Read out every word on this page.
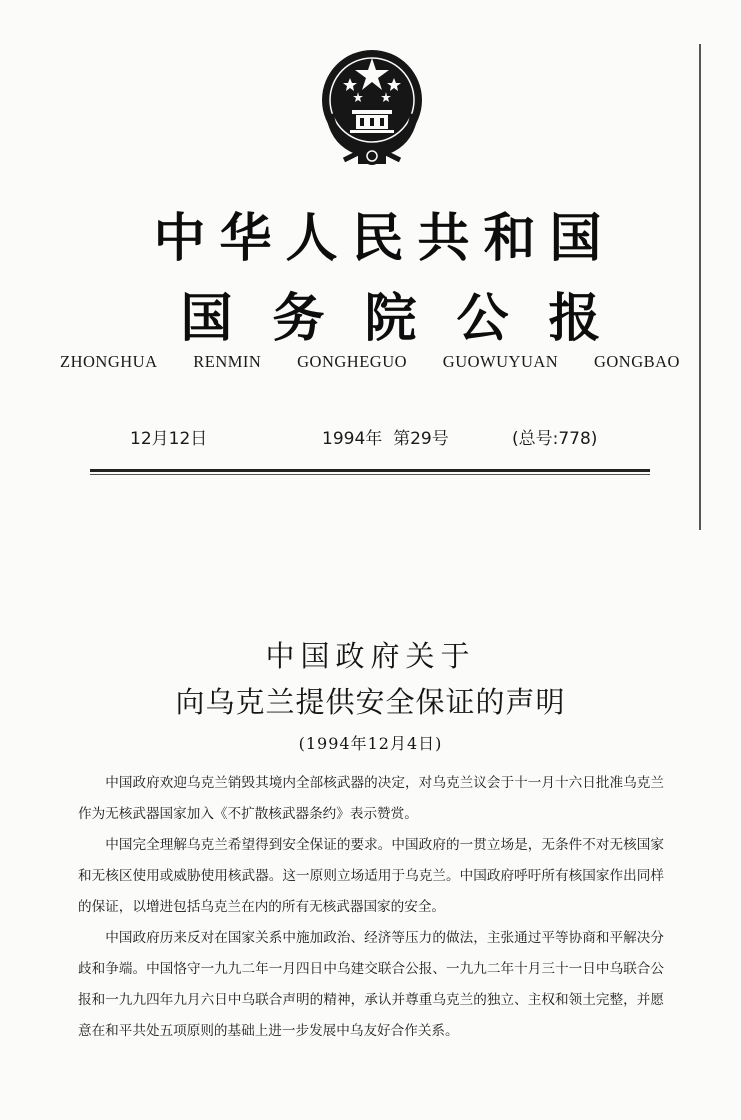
中华人民共和国
国务院公报
ZHONGHUA RENMIN GONGHEGUO GUOWUYUAN GONGBAO
12月12日	1994年  第29号	(总号:778)
中国政府关于
向乌克兰提供安全保证的声明
(1994年12月4日)

中国政府欢迎乌克兰销毁其境内全部核武器的决定，对乌克兰议会于十一月十六日批准乌克兰作为无核武器国家加入《不扩散核武器条约》表示赞赏。

中国完全理解乌克兰希望得到安全保证的要求。中国政府的一贯立场是，无条件不对无核国家和无核区使用或威胁使用核武器。这一原则立场适用于乌克兰。中国政府呼吁所有核国家作出同样的保证，以增进包括乌克兰在内的所有无核武器国家的安全。

中国政府历来反对在国家关系中施加政治、经济等压力的做法，主张通过平等协商和平解决分歧和争端。中国恪守一九九二年一月四日中乌建交联合公报、一九九二年十月三十一日中乌联合公报和一九九四年九月六日中乌联合声明的精神，承认并尊重乌克兰的独立、主权和领土完整，并愿意在和平共处五项原则的基础上进一步发展中乌友好合作关系。
